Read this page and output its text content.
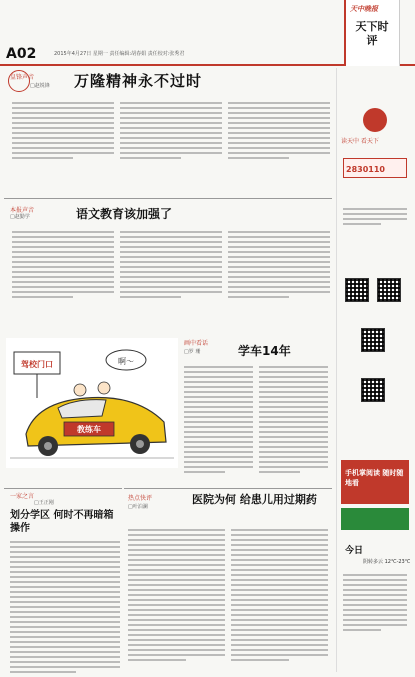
A02	2015年4月27日 星期一 责任编辑:胡春娟 责任校对:张秀君
天中晚报
天下时评
皇锋声音
□赵锐锋 万隆精神永不过时
读天中 看天下
2830110
手机掌阅读 随时随地看
今日
阴转多云 12℃-23℃
本报声音
□赵勤学	语文教育该加强了
驾校门口	啊～
教练车
画中看话
□罗 珊	学车14年
一家之言
□王正刚
划分学区 何时不再暗箱操作
热点快评
□叶泊澜
医院为何 给患儿用过期药
